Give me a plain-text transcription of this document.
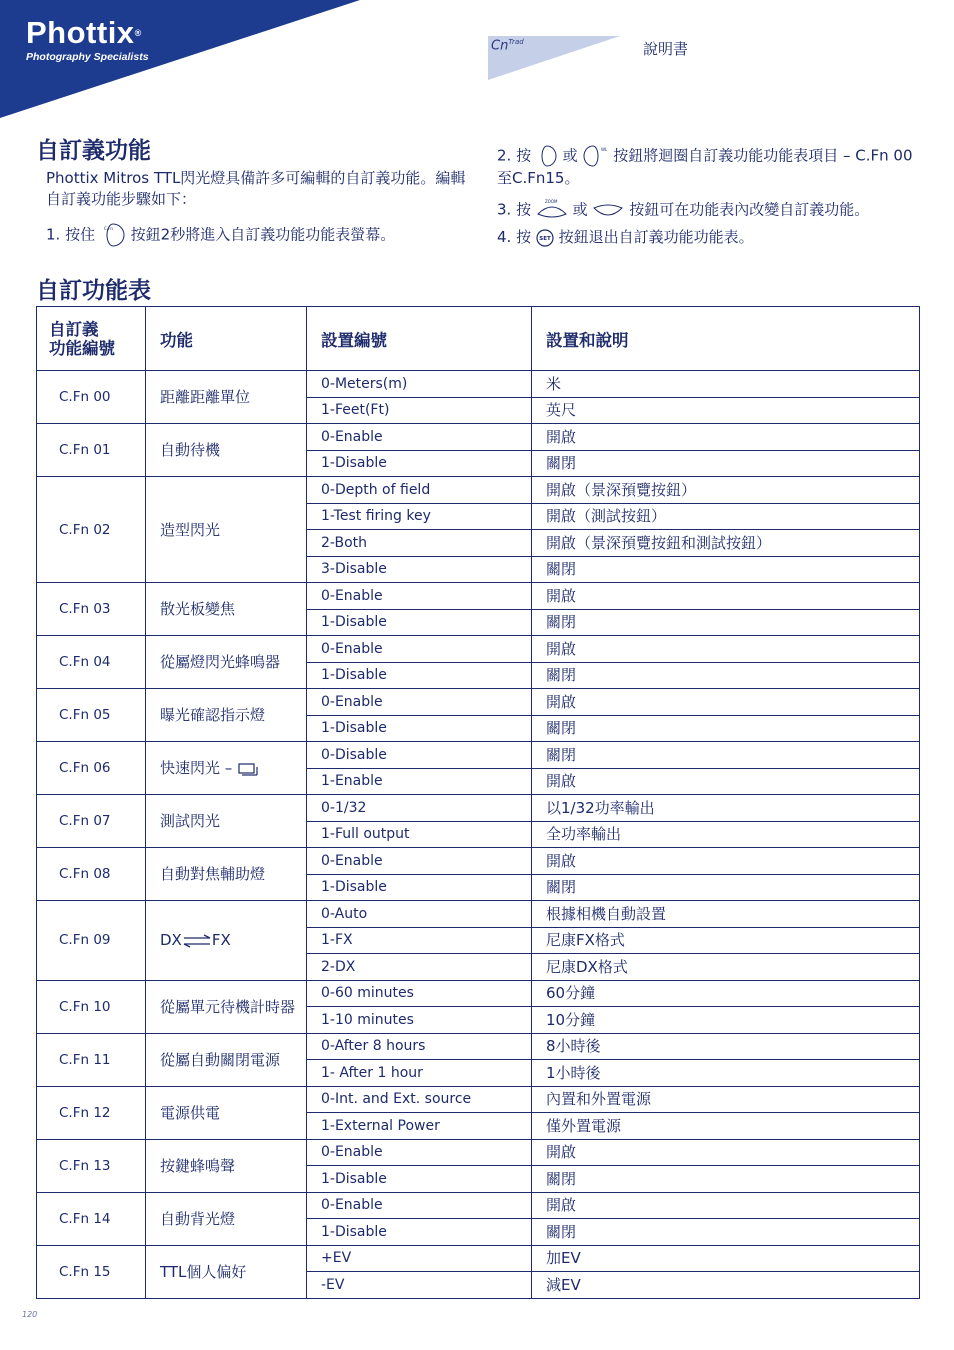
Phottix®
Photography Specialists
$Cn^{Trad}$	說明書
自訂義功能

Phottix Mitros TTL閃光燈具備許多可編輯的自訂義功能。編輯自訂義功能步驟如下：

1. 按住 C.Fn 按鈕2秒將進入自訂義功能功能表螢幕。

2. 按 或	WL 按鈕將迴圈自訂義功能功能表項目 – C.Fn 00至C.Fn15。

3. 按	ZOOM 或	按鈕可在功能表內改變自訂義功能。

4. 按 SET 按鈕退出自訂義功能功能表。

自訂功能表
自訂義
功能編號	功能	設置編號	設置和說明
C.Fn 00	距離距離單位	0-Meters(m)	米
		1-Feet(Ft)	英尺
C.Fn 01	自動待機	0-Enable	開啟
		1-Disable	關閉
C.Fn 02	造型閃光	0-Depth of field	開啟（景深預覽按鈕）
		1-Test firing key	開啟（測試按鈕）
		2-Both	開啟（景深預覽按鈕和測試按鈕）
		3-Disable	關閉
C.Fn 03	散光板變焦	0-Enable	開啟
		1-Disable	關閉
C.Fn 04	從屬燈閃光蜂鳴器	0-Enable	開啟
		1-Disable	關閉
C.Fn 05	曝光確認指示燈	0-Enable	開啟
		1-Disable	關閉
C.Fn 06	快速閃光 –	0-Disable	關閉
		1-Enable	開啟
C.Fn 07	測試閃光	0-1/32	以1/32功率輸出
		1-Full output	全功率輸出
C.Fn 08	自動對焦輔助燈	0-Enable	開啟
		1-Disable	關閉
C.Fn 09	DX FX	0-Auto	根據相機自動設置
		1-FX	尼康FX格式
		2-DX	尼康DX格式
C.Fn 10	從屬單元待機計時器	0-60 minutes	60分鐘
		1-10 minutes	10分鐘
C.Fn 11	從屬自動關閉電源	0-After 8 hours	8小時後
		1- After 1 hour	1小時後
C.Fn 12	電源供電	0-Int. and Ext. source	內置和外置電源
		1-External Power	僅外置電源
C.Fn 13	按鍵蜂鳴聲	0-Enable	開啟
		1-Disable	關閉
C.Fn 14	自動背光燈	0-Enable	開啟
		1-Disable	關閉
C.Fn 15	TTL個人偏好	+EV	加EV
		-EV	減EV
120
